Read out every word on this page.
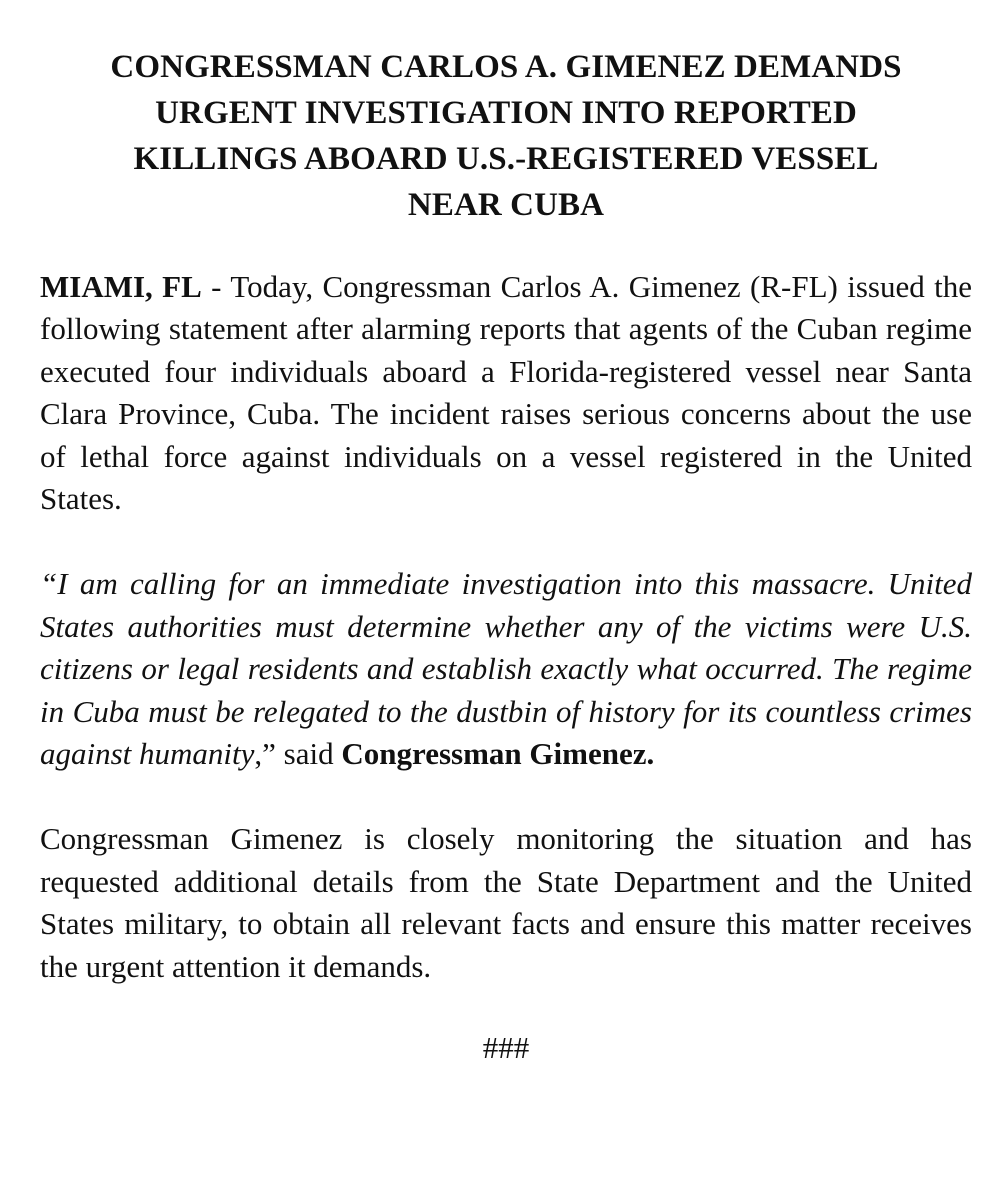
CONGRESSMAN CARLOS A. GIMENEZ DEMANDS
URGENT INVESTIGATION INTO REPORTED
KILLINGS ABOARD U.S.-REGISTERED VESSEL
NEAR CUBA

MIAMI, FL - Today, Congressman Carlos A. Gimenez (R-FL) issued the following statement after alarming reports that agents of the Cuban regime executed four individuals aboard a Florida-registered vessel near Santa Clara Province, Cuba. The incident raises serious concerns about the use of lethal force against individuals on a vessel registered in the United States.

“I am calling for an immediate investigation into this massacre. United States authorities must determine whether any of the victims were U.S. citizens or legal residents and establish exactly what occurred. The regime in Cuba must be relegated to the dustbin of history for its countless crimes against humanity,” said Congressman Gimenez.

Congressman Gimenez is closely monitoring the situation and has requested additional details from the State Department and the United States military, to obtain all relevant facts and ensure this matter receives the urgent attention it demands.

###
